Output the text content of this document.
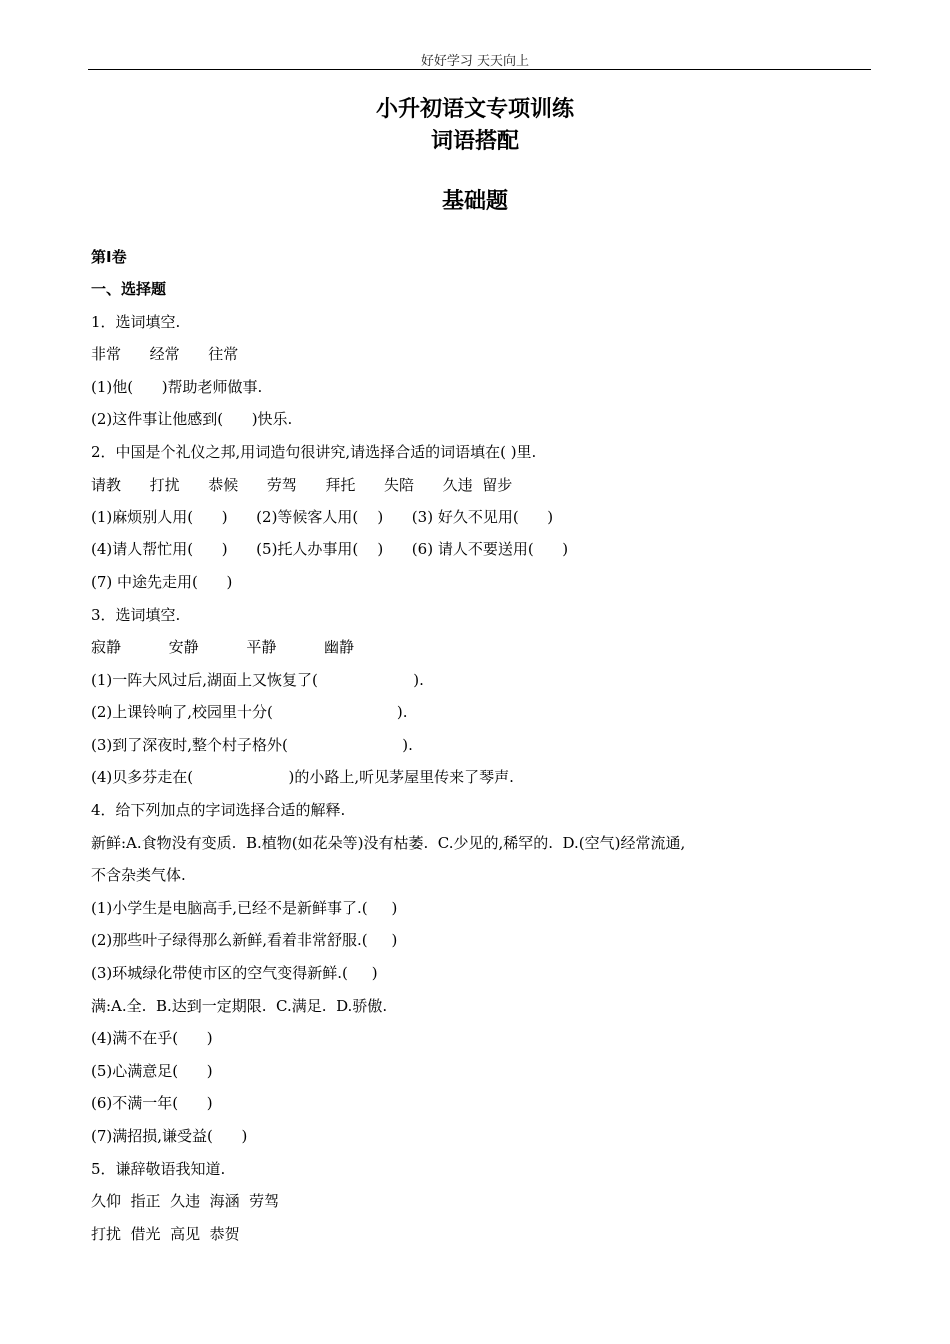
好好学习 天天向上
小升初语文专项训练
词语搭配
基础题
第Ⅰ卷
一、选择题
1．选词填空.
非常      经常      往常
(1)他(      )帮助老师做事.
(2)这件事让他感到(      )快乐.
2．中国是个礼仪之邦,用词造句很讲究,请选择合适的词语填在( )里.
请教      打扰      恭候      劳驾      拜托      失陪      久违  留步
(1)麻烦别人用(      )      (2)等候客人用(    )      (3) 好久不见用(      )
(4)请人帮忙用(      )      (5)托人办事用(    )      (6) 请人不要送用(      )
(7) 中途先走用(      )
3．选词填空.
寂静          安静          平静          幽静
(1)一阵大风过后,湖面上又恢复了(                    ).
(2)上课铃响了,校园里十分(                          ).
(3)到了深夜时,整个村子格外(                        ).
(4)贝多芬走在(                    )的小路上,听见茅屋里传来了琴声.
4．给下列加点的字词选择合适的解释.
新鲜:A.食物没有变质.  B.植物(如花朵等)没有枯萎.  C.少见的,稀罕的.  D.(空气)经常流通,
不含杂类气体.
(1)小学生是电脑高手,已经不是新鲜事了.(     )
(2)那些叶子绿得那么新鲜,看着非常舒服.(     )
(3)环城绿化带使市区的空气变得新鲜.(     )
满:A.全.  B.达到一定期限.  C.满足.  D.骄傲.
(4)满不在乎(      )
(5)心满意足(      )
(6)不满一年(      )
(7)满招损,谦受益(      )
5．谦辞敬语我知道.
久仰  指正  久违  海涵  劳驾
打扰  借光  高见  恭贺
